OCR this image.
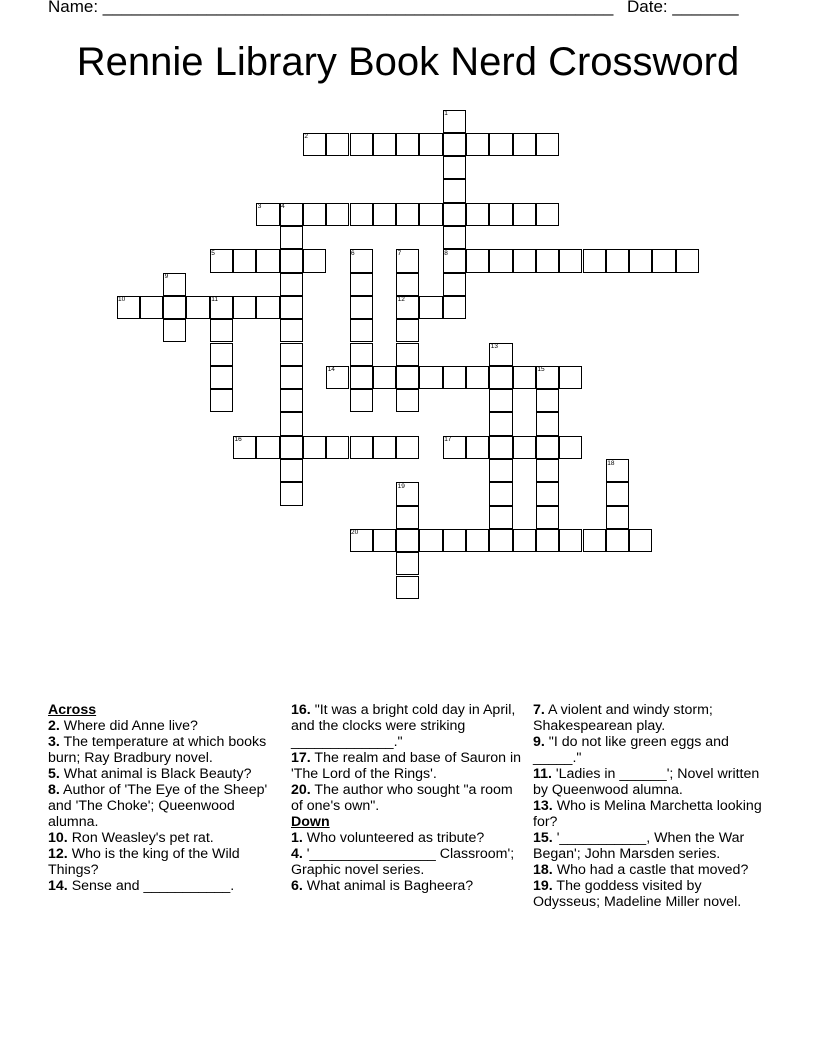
Name: ______________________________________________________ Date: _______
Rennie Library Book Nerd Crossword
1
2
3	4
5	6	7	8
9
10	11	12
13
14	15
16	17
18
19
20
Across
2. Where did Anne live?
3. The temperature at which books burn; Ray Bradbury novel.
5. What animal is Black Beauty?
8. Author of 'The Eye of the Sheep' and 'The Choke'; Queenwood alumna.
10. Ron Weasley's pet rat.
12. Who is the king of the Wild Things?
14. Sense and ___________.
16. "It was a bright cold day in April, and the clocks were striking _____________."
17. The realm and base of Sauron in 'The Lord of the Rings'.
20. The author who sought "a room of one's own".
Down
1. Who volunteered as tribute?
4. '________________ Classroom'; Graphic novel series.
6. What animal is Bagheera?
7. A violent and windy storm; Shakespearean play.
9. "I do not like green eggs and _____."
11. 'Ladies in ______'; Novel written by Queenwood alumna.
13. Who is Melina Marchetta looking for?
15. '___________, When the War Began'; John Marsden series.
18. Who had a castle that moved?
19. The goddess visited by Odysseus; Madeline Miller novel.
